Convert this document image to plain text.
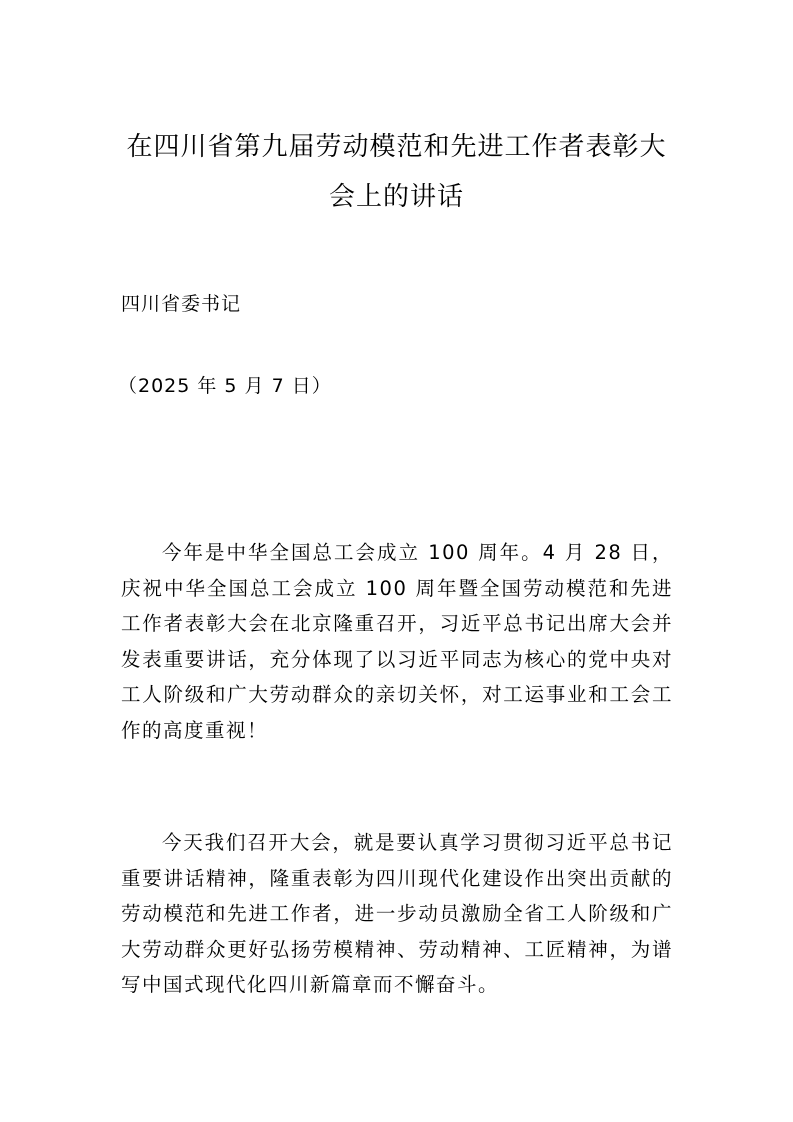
在四川省第九届劳动模范和先进工作者表彰大会上的讲话
四川省委书记
（2025 年 5 月 7 日）

今年是中华全国总工会成立 100 周年。4 月 28 日，庆祝中华全国总工会成立 100 周年暨全国劳动模范和先进工作者表彰大会在北京隆重召开，习近平总书记出席大会并发表重要讲话，充分体现了以习近平同志为核心的党中央对工人阶级和广大劳动群众的亲切关怀，对工运事业和工会工作的高度重视！

今天我们召开大会，就是要认真学习贯彻习近平总书记重要讲话精神，隆重表彰为四川现代化建设作出突出贡献的劳动模范和先进工作者，进一步动员激励全省工人阶级和广大劳动群众更好弘扬劳模精神、劳动精神、工匠精神，为谱写中国式现代化四川新篇章而不懈奋斗。
